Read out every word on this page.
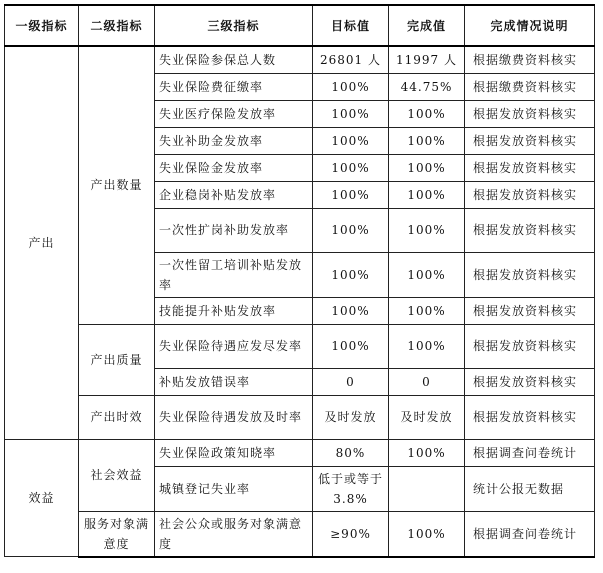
一级指标	二级指标	三级指标	目标值	完成值	完成情况说明
产出	产出数量	失业保险参保总人数	26801 人	11997 人	根据缴费资料核实
		失业保险费征缴率	100%	44.75%	根据缴费资料核实
		失业医疗保险发放率	100%	100%	根据发放资料核实
		失业补助金发放率	100%	100%	根据发放资料核实
		失业保险金发放率	100%	100%	根据发放资料核实
		企业稳岗补贴发放率	100%	100%	根据发放资料核实
		一次性扩岗补助发放率	100%	100%	根据发放资料核实
		一次性留工培训补贴发放率	100%	100%	根据发放资料核实
		技能提升补贴发放率	100%	100%	根据发放资料核实
	产出质量	失业保险待遇应发尽发率	100%	100%	根据发放资料核实
		补贴发放错误率	0	0	根据发放资料核实
	产出时效	失业保险待遇发放及时率	及时发放	及时发放	根据发放资料核实
效益	社会效益	失业保险政策知晓率	80%	100%	根据调查问卷统计
		城镇登记失业率	低于或等于 3.8%		统计公报无数据
	服务对象满意度	社会公众或服务对象满意度	≥90%	100%	根据调查问卷统计
